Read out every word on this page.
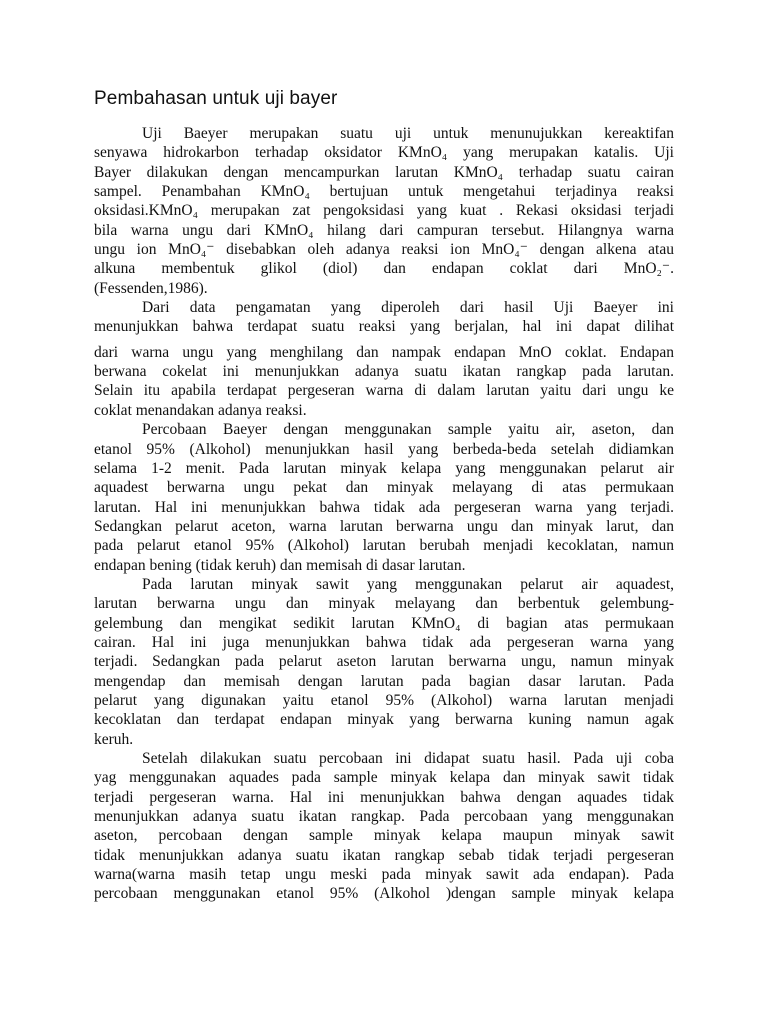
Pembahasan untuk uji bayer
Uji Baeyer merupakan suatu uji untuk menunujukkan kereaktifan
senyawa hidrokarbon terhadap oksidator KMnO₄ yang merupakan katalis. Uji
Bayer dilakukan dengan mencampurkan larutan KMnO₄ terhadap suatu cairan
sampel. Penambahan KMnO₄ bertujuan untuk mengetahui terjadinya reaksi
oksidasi.KMnO₄ merupakan zat pengoksidasi yang kuat . Rekasi oksidasi terjadi
bila warna ungu dari KMnO₄ hilang dari campuran tersebut. Hilangnya warna
ungu ion MnO₄⁻ disebabkan oleh adanya reaksi ion MnO₄⁻ dengan alkena atau
alkuna membentuk glikol (diol) dan endapan coklat dari MnO₂⁻.
(Fessenden,1986).
Dari data pengamatan yang diperoleh dari hasil Uji Baeyer ini
menunjukkan bahwa terdapat suatu reaksi yang berjalan, hal ini dapat dilihat
dari warna ungu yang menghilang dan nampak endapan MnO coklat. Endapan
berwana cokelat ini menunjukkan adanya suatu ikatan rangkap pada larutan.
Selain itu apabila terdapat pergeseran warna di dalam larutan yaitu dari ungu ke
coklat menandakan adanya reaksi.
Percobaan Baeyer dengan menggunakan sample yaitu air, aseton, dan
etanol 95% (Alkohol) menunjukkan hasil yang berbeda-beda setelah didiamkan
selama 1-2 menit. Pada larutan minyak kelapa yang menggunakan pelarut air
aquadest berwarna ungu pekat dan minyak melayang di atas permukaan
larutan. Hal ini menunjukkan bahwa tidak ada pergeseran warna yang terjadi.
Sedangkan pelarut aceton, warna larutan berwarna ungu dan minyak larut, dan
pada pelarut etanol 95% (Alkohol) larutan berubah menjadi kecoklatan, namun
endapan bening (tidak keruh) dan memisah di dasar larutan.
Pada larutan minyak sawit yang menggunakan pelarut air aquadest,
larutan berwarna ungu dan minyak melayang dan berbentuk gelembung-
gelembung dan mengikat sedikit larutan KMnO₄ di bagian atas permukaan
cairan. Hal ini juga menunjukkan bahwa tidak ada pergeseran warna yang
terjadi. Sedangkan pada pelarut aseton larutan berwarna ungu, namun minyak
mengendap dan memisah dengan larutan pada bagian dasar larutan. Pada
pelarut yang digunakan yaitu etanol 95% (Alkohol) warna larutan menjadi
kecoklatan dan terdapat endapan minyak yang berwarna kuning namun agak
keruh.
Setelah dilakukan suatu percobaan ini didapat suatu hasil. Pada uji coba
yag menggunakan aquades pada sample minyak kelapa dan minyak sawit tidak
terjadi pergeseran warna. Hal ini menunjukkan bahwa dengan aquades tidak
menunjukkan adanya suatu ikatan rangkap. Pada percobaan yang menggunakan
aseton, percobaan dengan sample minyak kelapa maupun minyak sawit
tidak menunjukkan adanya suatu ikatan rangkap sebab tidak terjadi pergeseran
warna(warna masih tetap ungu meski pada minyak sawit ada endapan). Pada
percobaan menggunakan etanol 95% (Alkohol )dengan sample minyak kelapa
